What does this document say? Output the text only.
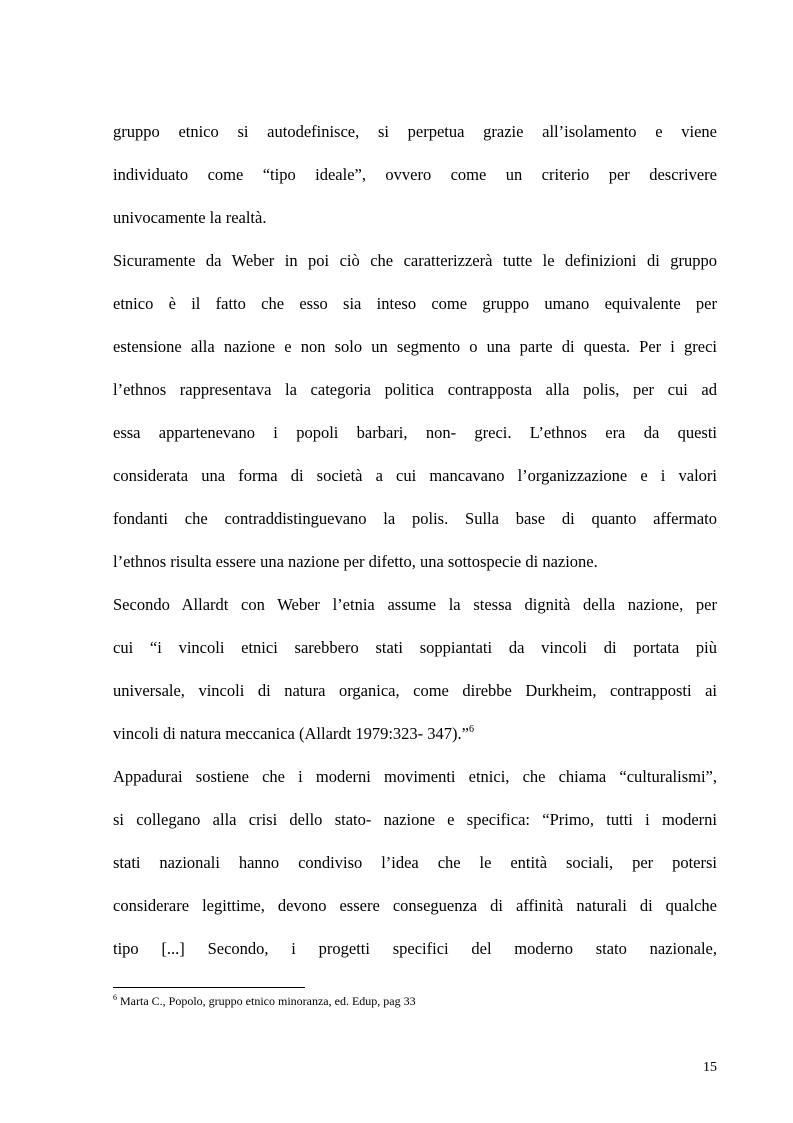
gruppo etnico si autodefinisce, si perpetua grazie all’isolamento e viene
individuato come “tipo ideale”, ovvero come un criterio per descrivere
univocamente la realtà.
Sicuramente da Weber in poi ciò che caratterizzerà tutte le definizioni di gruppo
etnico è il fatto che esso sia inteso come gruppo umano equivalente per
estensione alla nazione e non solo un segmento o una parte di questa. Per i greci
l’ethnos rappresentava la categoria politica contrapposta alla polis, per cui ad
essa appartenevano i popoli barbari, non- greci. L’ethnos era da questi
considerata una forma di società a cui mancavano l’organizzazione e i valori
fondanti che contraddistinguevano la polis. Sulla base di quanto affermato
l’ethnos risulta essere una nazione per difetto, una sottospecie di nazione.
Secondo Allardt con Weber l’etnia assume la stessa dignità della nazione, per
cui “i vincoli etnici sarebbero stati soppiantati da vincoli di portata più
universale, vincoli di natura organica, come direbbe Durkheim, contrapposti ai
vincoli di natura meccanica (Allardt 1979:323- 347).”$^6$
Appadurai sostiene che i moderni movimenti etnici, che chiama “culturalismi”,
si collegano alla crisi dello stato- nazione e specifica: “Primo, tutti i moderni
stati nazionali hanno condiviso l’idea che le entità sociali, per potersi
considerare legittime, devono essere conseguenza di affinità naturali di qualche
tipo [...] Secondo, i progetti specifici del moderno stato nazionale,
$^6$ Marta C., Popolo, gruppo etnico minoranza, ed. Edup, pag 33
15
